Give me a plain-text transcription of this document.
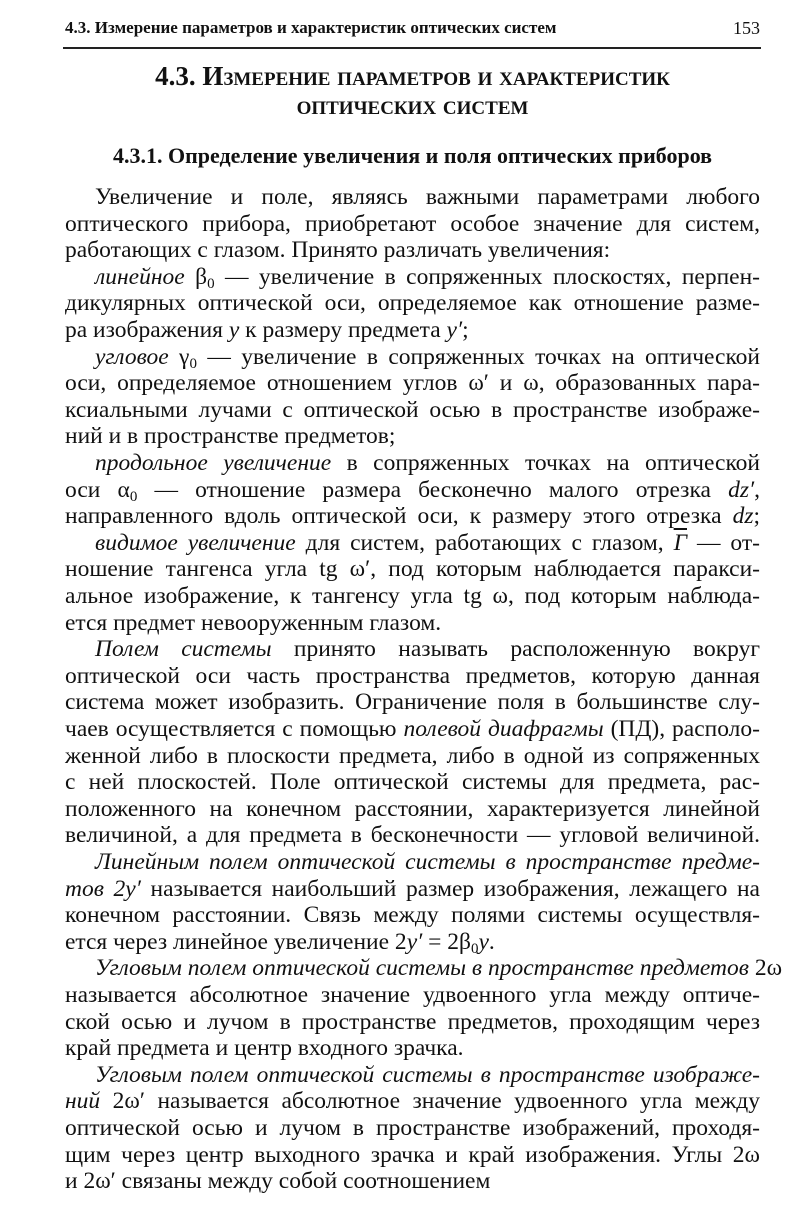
4.3. Измерение параметров и характеристик оптических систем	153
4.3. Измерение параметров и характеристик
оптических систем
4.3.1. Определение увеличения и поля оптических приборов
Увеличение и поле, являясь важными параметрами любого
оптического прибора, приобретают особое значение для систем,
работающих с глазом. Принято различать увеличения:
линейное β0 — увеличение в сопряженных плоскостях, перпен-
дикулярных оптической оси, определяемое как отношение разме-
ра изображения y к размеру предмета y′;
угловое γ0 — увеличение в сопряженных точках на оптической
оси, определяемое отношением углов ω′ и ω, образованных пара-
ксиальными лучами с оптической осью в пространстве изображе-
ний и в пространстве предметов;
продольное увеличение в сопряженных точках на оптической
оси α0 — отношение размера бесконечно малого отрезка dz′,
направленного вдоль оптической оси, к размеру этого отрезка dz;
видимое увеличение для систем, работающих с глазом, Г — от-
ношение тангенса угла tg ω′, под которым наблюдается паракси-
альное изображение, к тангенсу угла tg ω, под которым наблюда-
ется предмет невооруженным глазом.
Полем системы принято называть расположенную вокруг
оптической оси часть пространства предметов, которую данная
система может изобразить. Ограничение поля в большинстве слу-
чаев осуществляется с помощью полевой диафрагмы (ПД), располо-
женной либо в плоскости предмета, либо в одной из сопряженных
с ней плоскостей. Поле оптической системы для предмета, рас-
положенного на конечном расстоянии, характеризуется линейной
величиной, а для предмета в бесконечности — угловой величиной.
Линейным полем оптической системы в пространстве предме-
тов 2y′ называется наибольший размер изображения, лежащего на
конечном расстоянии. Связь между полями системы осуществля-
ется через линейное увеличение 2y′ = 2β0y.
Угловым полем оптической системы в пространстве предметов 2ω
называется абсолютное значение удвоенного угла между оптиче-
ской осью и лучом в пространстве предметов, проходящим через
край предмета и центр входного зрачка.
Угловым полем оптической системы в пространстве изображе-
ний 2ω′ называется абсолютное значение удвоенного угла между
оптической осью и лучом в пространстве изображений, проходя-
щим через центр выходного зрачка и край изображения. Углы 2ω
и 2ω′ связаны между собой соотношением
